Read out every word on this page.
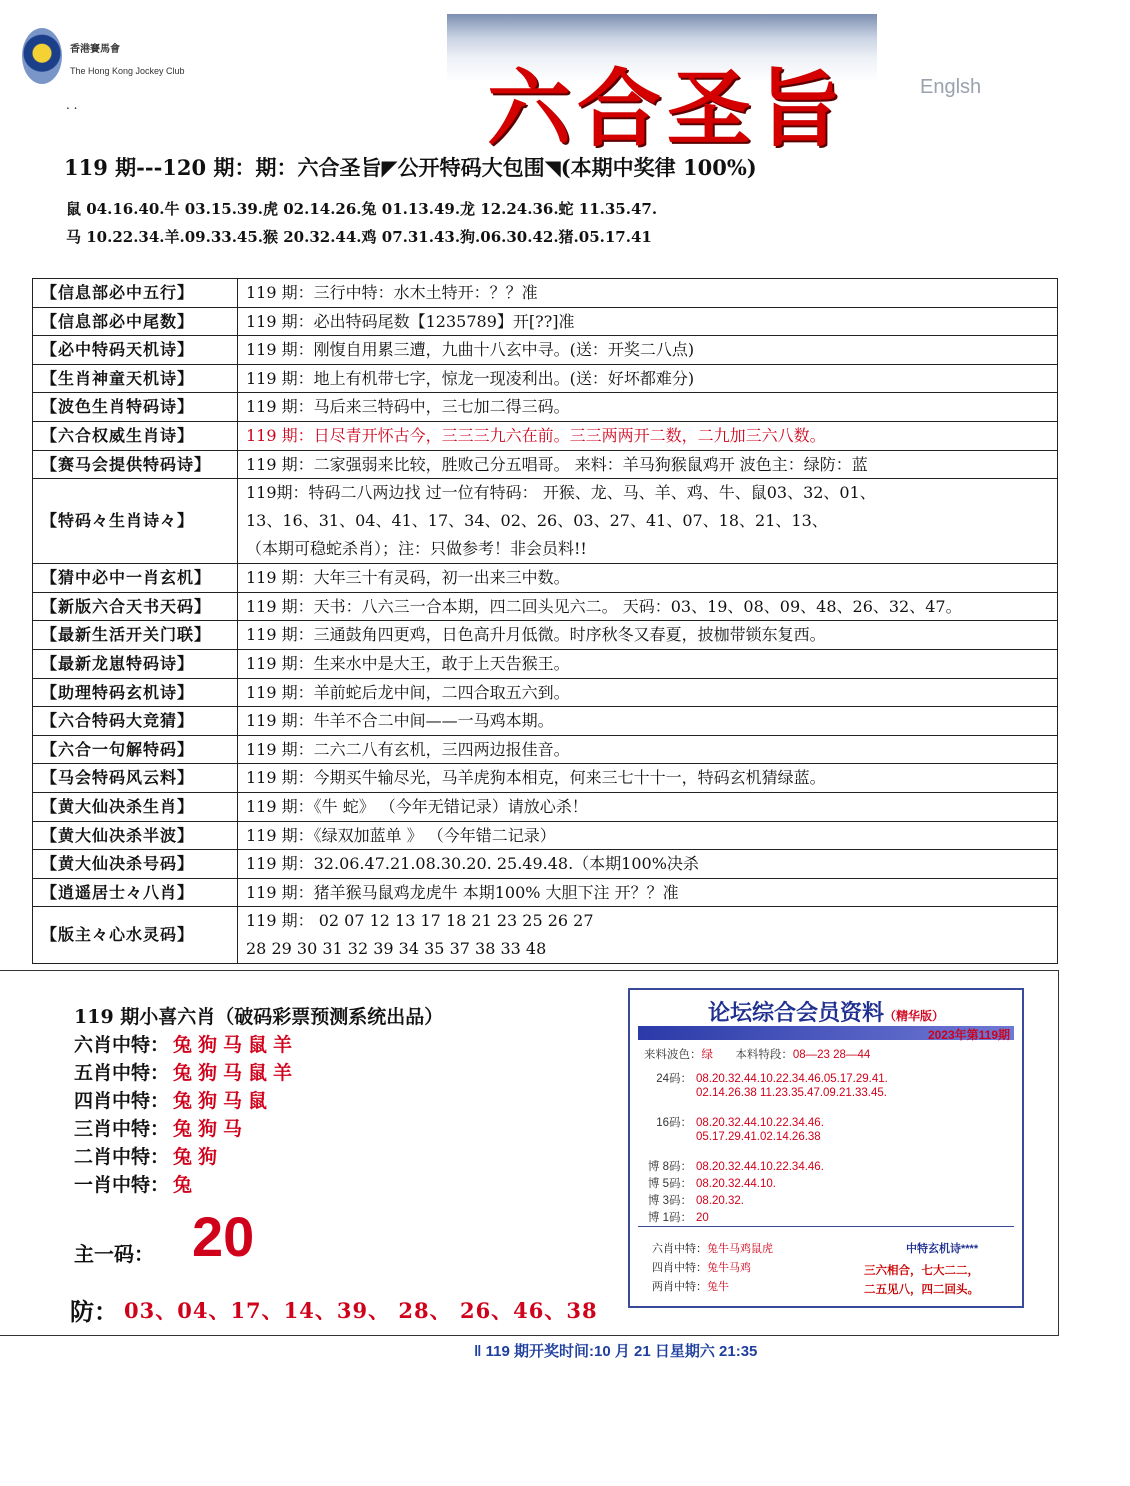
香港賽馬會
The Hong Kong Jockey Club
. .	六合圣旨	Englsh
119 期---120 期：期：六合圣旨◤公开特码大包围◥(本期中奖律 100%)
鼠 04.16.40.牛 03.15.39.虎 02.14.26.兔 01.13.49.龙 12.24.36.蛇 11.35.47.
马 10.22.34.羊.09.33.45.猴 20.32.44.鸡 07.31.43.狗.06.30.42.猪.05.17.41
【信息部必中五行】	119 期：三行中特：水木土特开：？？准

【信息部必中尾数】	119 期：必出特码尾数【1235789】开[??]准

【必中特码天机诗】	119 期：刚愎自用累三遭，九曲十八玄中寻。(送：开奖二八点)

【生肖神童天机诗】	119 期：地上有机带七字，惊龙一现凌利出。(送：好坏都难分)

【波色生肖特码诗】	119 期：马后来三特码中，三七加二得三码。

【六合权威生肖诗】	119 期：日尽青开怀古今，三三三九六在前。三三两两开二数，二九加三六八数。

【赛马会提供特码诗】	119 期：二家强弱来比较，胜败己分五唱哥。 来料：羊马狗猴鼠鸡开 波色主：绿防：蓝

【特码々生肖诗々】	119期：特码二八两边找 过一位有特码： 开猴、龙、马、羊、鸡、牛、鼠03、32、01、
13、16、31、04、41、17、34、02、26、03、27、41、07、18、21、13、
（本期可稳蛇杀肖）；注：只做参考！非会员料!!

【猜中必中一肖玄机】	119 期：大年三十有灵码，初一出来三中数。

【新版六合天书天码】	119 期：天书：八六三一合本期，四二回头见六二。 天码：03、19、08、09、48、26、32、47。

【最新生活开关门联】	119 期：三通鼓角四更鸡，日色高升月低微。时序秋冬又春夏，披枷带锁东复西。

【最新龙崽特码诗】	119 期：生来水中是大王，敢于上天告猴王。

【助理特码玄机诗】	119 期：羊前蛇后龙中间，二四合取五六到。

【六合特码大竞猜】	119 期：牛羊不合二中间——一马鸡本期。

【六合一句解特码】	119 期：二六二八有玄机，三四两边报佳音。

【马会特码风云料】	119 期：今期买牛输尽光，马羊虎狗本相克，何来三七十十一，特码玄机猜绿蓝。

【黄大仙决杀生肖】	119 期：《牛 蛇》 （今年无错记录）请放心杀！

【黄大仙决杀半波】	119 期：《绿双加蓝单 》 （今年错二记录）

【黄大仙决杀号码】	119 期：32.06.47.21.08.30.20. 25.49.48.（本期100%决杀

【逍遥居士々八肖】	119 期：猪羊猴马鼠鸡龙虎牛 本期100% 大胆下注 开？？准

【版主々心水灵码】	119 期： 02 07 12 13 17 18 21 23 25 26 27
28 29 30 31 32 39 34 35 37 38 33 48
119 期小喜六肖（破码彩票预测系统出品）
六肖中特： 兔狗马鼠羊
五肖中特： 兔狗马鼠羊
四肖中特： 兔狗马鼠
三肖中特： 兔狗马
二肖中特： 兔狗
一肖中特： 兔
主一码： 20
防： 03、04、17、14、39、 28、 26、46、38
论坛综合会员资料（精华版）
2023年第119期
来料波色：绿 本料特段：08—23 28—44
24码： 08.20.32.44.10.22.34.46.05.17.29.41.
02.14.26.38 11.23.35.47.09.21.33.45.
16码： 08.20.32.44.10.22.34.46.
05.17.29.41.02.14.26.38
博 8码： 08.20.32.44.10.22.34.46.
博 5码： 08.20.32.44.10.
博 3码： 08.20.32.
博 1码： 20
六肖中特：兔牛马鸡鼠虎
四肖中特：兔牛马鸡
两肖中特：兔牛
中特玄机诗****
三六相合，七大二二，
二五见八，四二回头。
‖ 119 期开奖时间:10 月 21 日星期六 21:35
